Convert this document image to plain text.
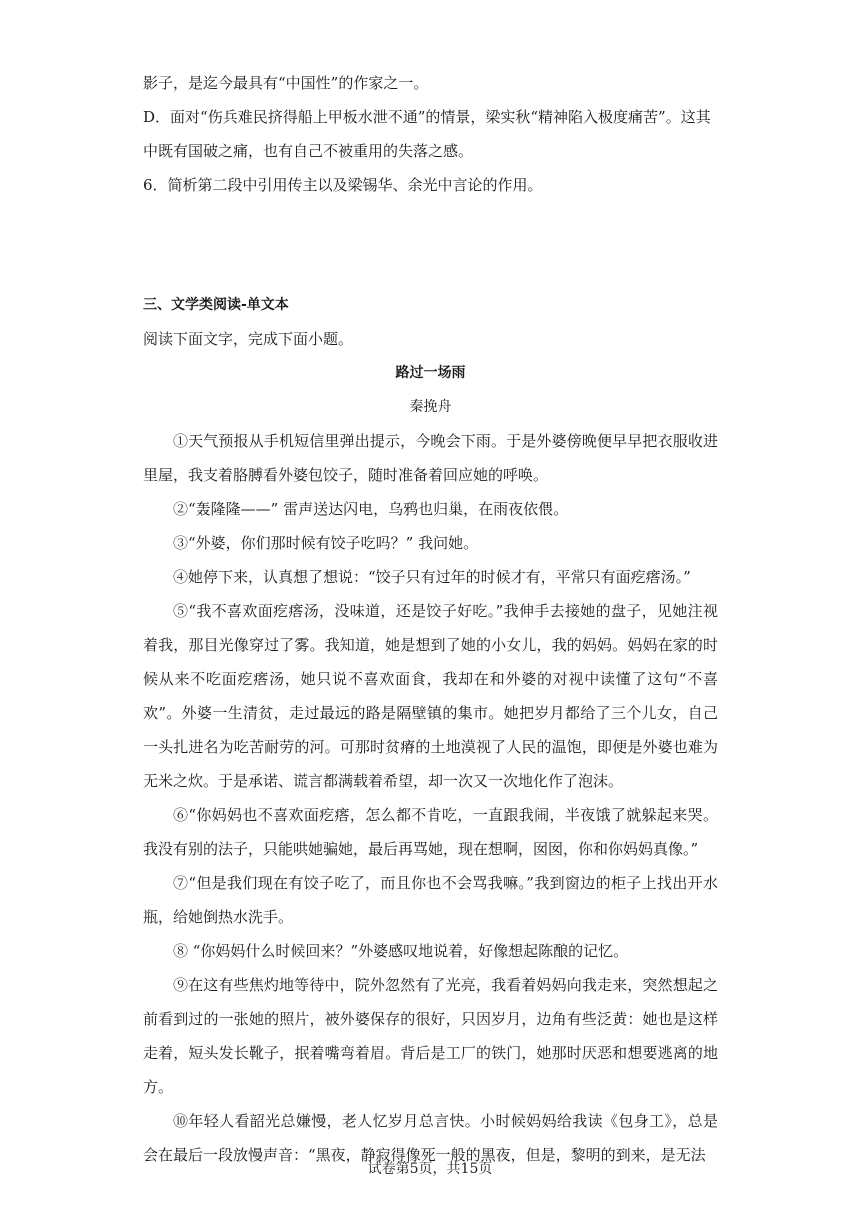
影子，是迄今最具有“中国性”的作家之一。

D．面对“伤兵难民挤得船上甲板水泄不通”的情景，梁实秋“精神陷入极度痛苦”。这其

中既有国破之痛，也有自己不被重用的失落之感。

6．简析第二段中引用传主以及梁锡华、余光中言论的作用。

三、文学类阅读-单文本

阅读下面文字，完成下面小题。

路过一场雨

秦挽舟

①天气预报从手机短信里弹出提示，今晚会下雨。于是外婆傍晚便早早把衣服收进里屋，我支着胳膊看外婆包饺子，随时准备着回应她的呼唤。

②“轰隆隆——” 雷声送达闪电，乌鸦也归巢，在雨夜依偎。

③“外婆，你们那时候有饺子吃吗？” 我问她。

④她停下来，认真想了想说：“饺子只有过年的时候才有，平常只有面疙瘩汤。”

⑤“我不喜欢面疙瘩汤，没味道，还是饺子好吃。”我伸手去接她的盘子，见她注视着我，那目光像穿过了雾。我知道，她是想到了她的小女儿，我的妈妈。妈妈在家的时候从来不吃面疙瘩汤，她只说不喜欢面食，我却在和外婆的对视中读懂了这句“不喜欢”。外婆一生清贫，走过最远的路是隔壁镇的集市。她把岁月都给了三个儿女，自己一头扎进名为吃苦耐劳的河。可那时贫瘠的土地漠视了人民的温饱，即便是外婆也难为无米之炊。于是承诺、谎言都满载着希望，却一次又一次地化作了泡沫。

⑥“你妈妈也不喜欢面疙瘩，怎么都不肯吃，一直跟我闹，半夜饿了就躲起来哭。我没有别的法子，只能哄她骗她，最后再骂她，现在想啊，囡囡，你和你妈妈真像。”

⑦“但是我们现在有饺子吃了，而且你也不会骂我嘛。”我到窗边的柜子上找出开水瓶，给她倒热水洗手。

⑧ “你妈妈什么时候回来？”外婆感叹地说着，好像想起陈酿的记忆。

⑨在这有些焦灼地等待中，院外忽然有了光亮，我看着妈妈向我走来，突然想起之前看到过的一张她的照片，被外婆保存的很好，只因岁月，边角有些泛黄：她也是这样走着，短头发长靴子，抿着嘴弯着眉。背后是工厂的铁门，她那时厌恶和想要逃离的地方。

⑩年轻人看韶光总嫌慢，老人忆岁月总言快。小时候妈妈给我读《包身工》，总是会在最后一段放慢声音：“黑夜，静寂得像死一般的黑夜，但是，黎明的到来，是无法

试卷第5页，共15页
